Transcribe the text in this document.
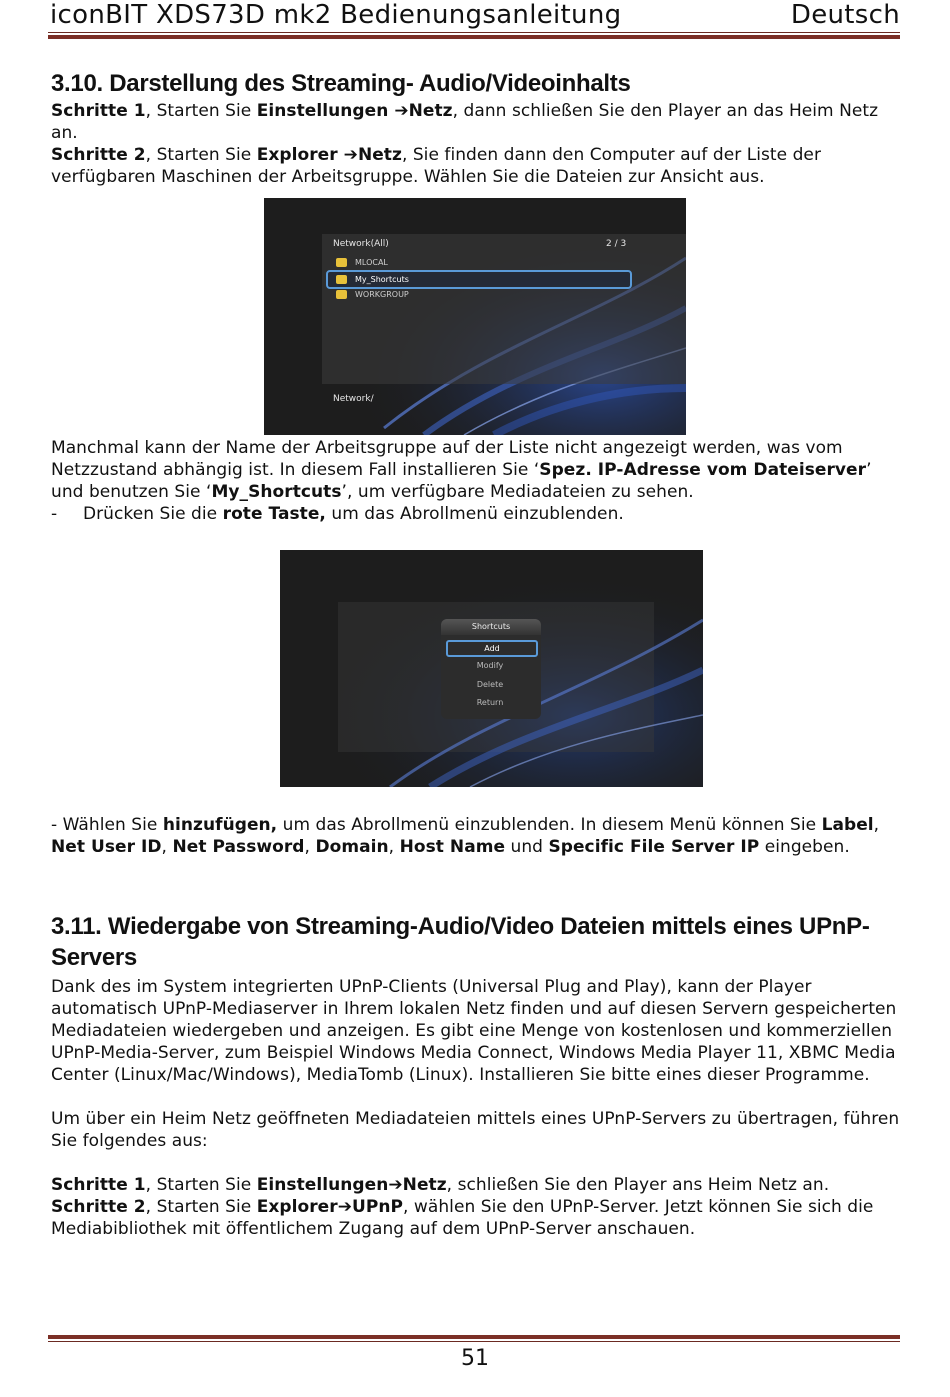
iconBIT XDS73D mk2 Bedienungsanleitung	Deutsch
3.10. Darstellung des Streaming- Audio/Videoinhalts

Schritte 1, Starten Sie Einstellungen ➔Netz, dann schließen Sie den Player an das Heim Netz an.

Schritte 2, Starten Sie Explorer ➔Netz, Sie finden dann den Computer auf der Liste der verfügbaren Maschinen der Arbeitsgruppe. Wählen Sie die Dateien zur Ansicht aus.

Network(All)	2 / 3
MLOCAL
My_Shortcuts
WORKGROUP
Network/

Manchmal kann der Name der Arbeitsgruppe auf der Liste nicht angezeigt werden, was vom Netzzustand abhängig ist. In diesem Fall installieren Sie ‘Spez. IP-Adresse vom Dateiserver’ und benutzen Sie ‘My_Shortcuts’, um verfügbare Mediadateien zu sehen.

-	Drücken Sie die rote Taste, um das Abrollmenü einzublenden.

Shortcuts
Add
Modify
Delete
Return

- Wählen Sie hinzufügen, um das Abrollmenü einzublenden. In diesem Menü können Sie Label, Net User ID, Net Password, Domain, Host Name und Specific File Server IP eingeben.

3.11. Wiedergabe von Streaming-Audio/Video Dateien mittels eines UPnP-Servers

Dank des im System integrierten UPnP-Clients (Universal Plug and Play), kann der Player automatisch UPnP-Mediaserver in Ihrem lokalen Netz finden und auf diesen Servern gespeicherten Mediadateien wiedergeben und anzeigen. Es gibt eine Menge von kostenlosen und kommerziellen UPnP-Media-Server, zum Beispiel Windows Media Connect, Windows Media Player 11, XBMC Media Center (Linux/Mac/Windows), MediaTomb (Linux). Installieren Sie bitte eines dieser Programme.

Um über ein Heim Netz geöffneten Mediadateien mittels eines UPnP-Servers zu übertragen, führen Sie folgendes aus:

Schritte 1, Starten Sie Einstellungen➔Netz, schließen Sie den Player ans Heim Netz an.

Schritte 2, Starten Sie Explorer➔UPnP, wählen Sie den UPnP-Server. Jetzt können Sie sich die Mediabibliothek mit öffentlichem Zugang auf dem UPnP-Server anschauen.

51
